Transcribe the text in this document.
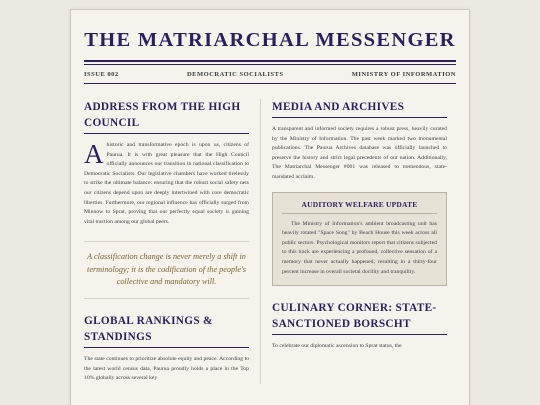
THE MATRIARCHAL MESSENGER
ISSUE 002	DEMOCRATIC SOCIALISTS	MINISTRY OF INFORMATION
ADDRESS FROM THE HIGH COUNCIL

Ahistoric and transformative epoch is upon us, citizens of Paurua. It is with great pleasure that the High Council officially announces our transition in national classification to Democratic Socialists. Our legislative chambers have worked tirelessly to strike the ultimate balance: ensuring that the robust social safety nets our citizens depend upon are deeply intertwined with core democratic liberties. Furthermore, our regional influence has officially surged from Minnow to Sprat, proving that our perfectly equal society is gaining vital traction among our global peers.

A classification change is never merely a shift in terminology; it is the codification of the people's collective and mandatory will.
GLOBAL RANKINGS & STANDINGS

The state continues to prioritize absolute equity and peace. According to the latest world census data, Paurua proudly holds a place in the Top 10% globally across several key

MEDIA AND ARCHIVES

A transparent and informed society requires a robust press, heavily curated by the Ministry of Information. The past week marked two monumental publications. The Paurua Archives database was officially launched to preserve the history and strict legal precedents of our nation. Additionally, The Matriarchal Messenger #001 was released to tremendous, state-mandated acclaim.

AUDITORY WELFARE UPDATE

The Ministry of Information's ambient broadcasting unit has heavily rotated "Space Song" by Beach House this week across all public sectors. Psychological monitors report that citizens subjected to this track are experiencing a profound, collective sensation of a memory that never actually happened, resulting in a thirty-four percent increase in overall societal docility and tranquility.

CULINARY CORNER: STATE-SANCTIONED BORSCHT

To celebrate our diplomatic ascension to Sprat status, the
